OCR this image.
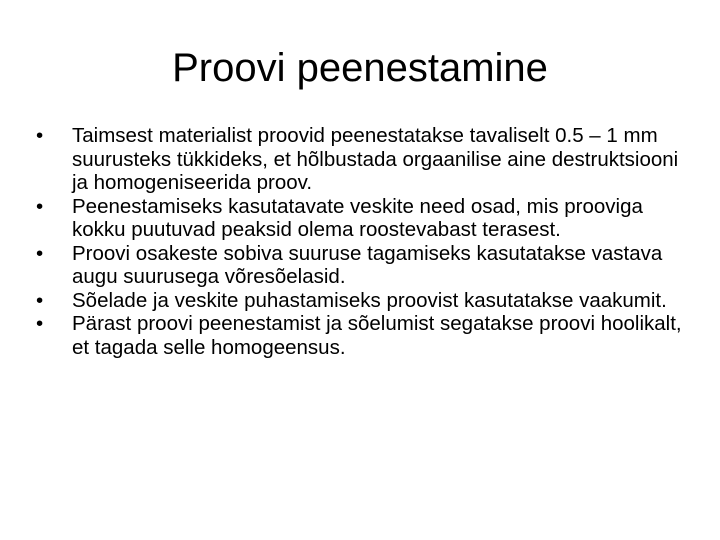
Proovi peenestamine
•	Taimsest materialist proovid peenestatakse tavaliselt 0.5 – 1 mm suurusteks tükkideks, et hõlbustada orgaanilise aine destruktsiooni ja homogeniseerida proov.
•	Peenestamiseks kasutatavate veskite need osad, mis prooviga kokku puutuvad peaksid olema roostevabast terasest.
•	Proovi osakeste sobiva suuruse tagamiseks kasutatakse vastava augu suurusega võresõelasid.
•	Sõelade ja veskite puhastamiseks proovist kasutatakse vaakumit.
•	Pärast proovi peenestamist ja sõelumist segatakse proovi hoolikalt, et tagada selle homogeensus.
